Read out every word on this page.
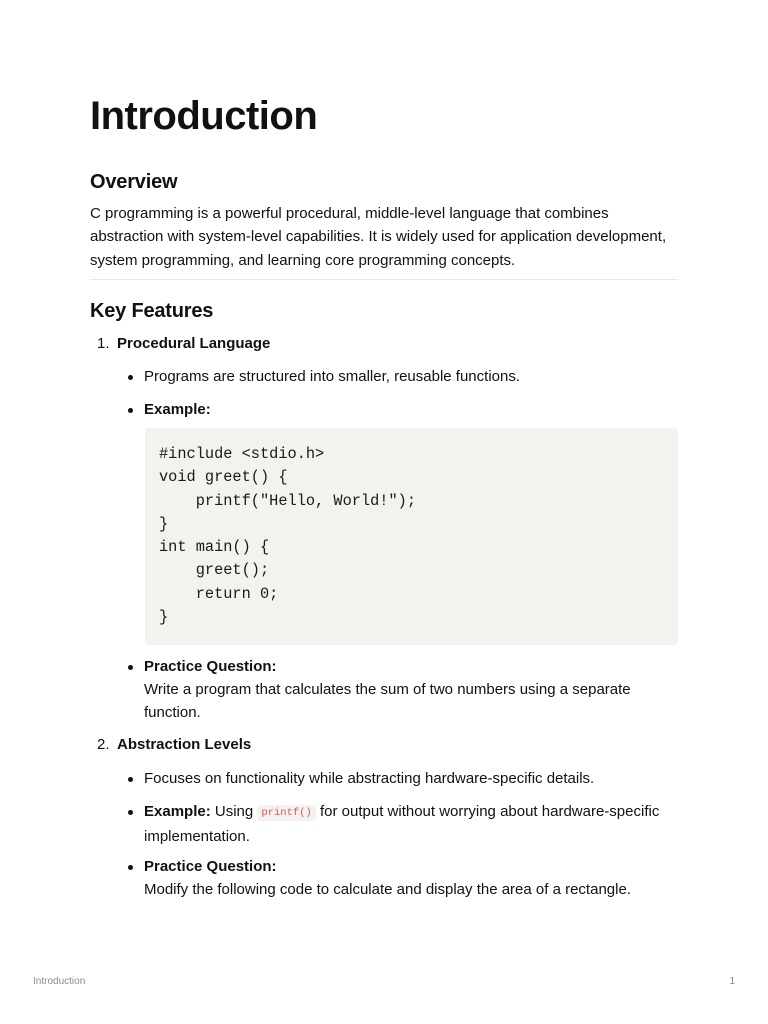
Introduction
Overview

C programming is a powerful procedural, middle-level language that combines abstraction with system-level capabilities. It is widely used for application development, system programming, and learning core programming concepts.

Key Features
1. Procedural Language
Programs are structured into smaller, reusable functions.
Example:
#include <stdio.h>
void greet() {
printf("Hello, World!");
}
int main() {
greet();
return 0;
}
Practice Question:
Write a program that calculates the sum of two numbers using a separate function.
2. Abstraction Levels
Focuses on functionality while abstracting hardware-specific details.
Example: Using printf() for output without worrying about hardware-specific implementation.
Practice Question:
Modify the following code to calculate and display the area of a rectangle.
Introduction	1
